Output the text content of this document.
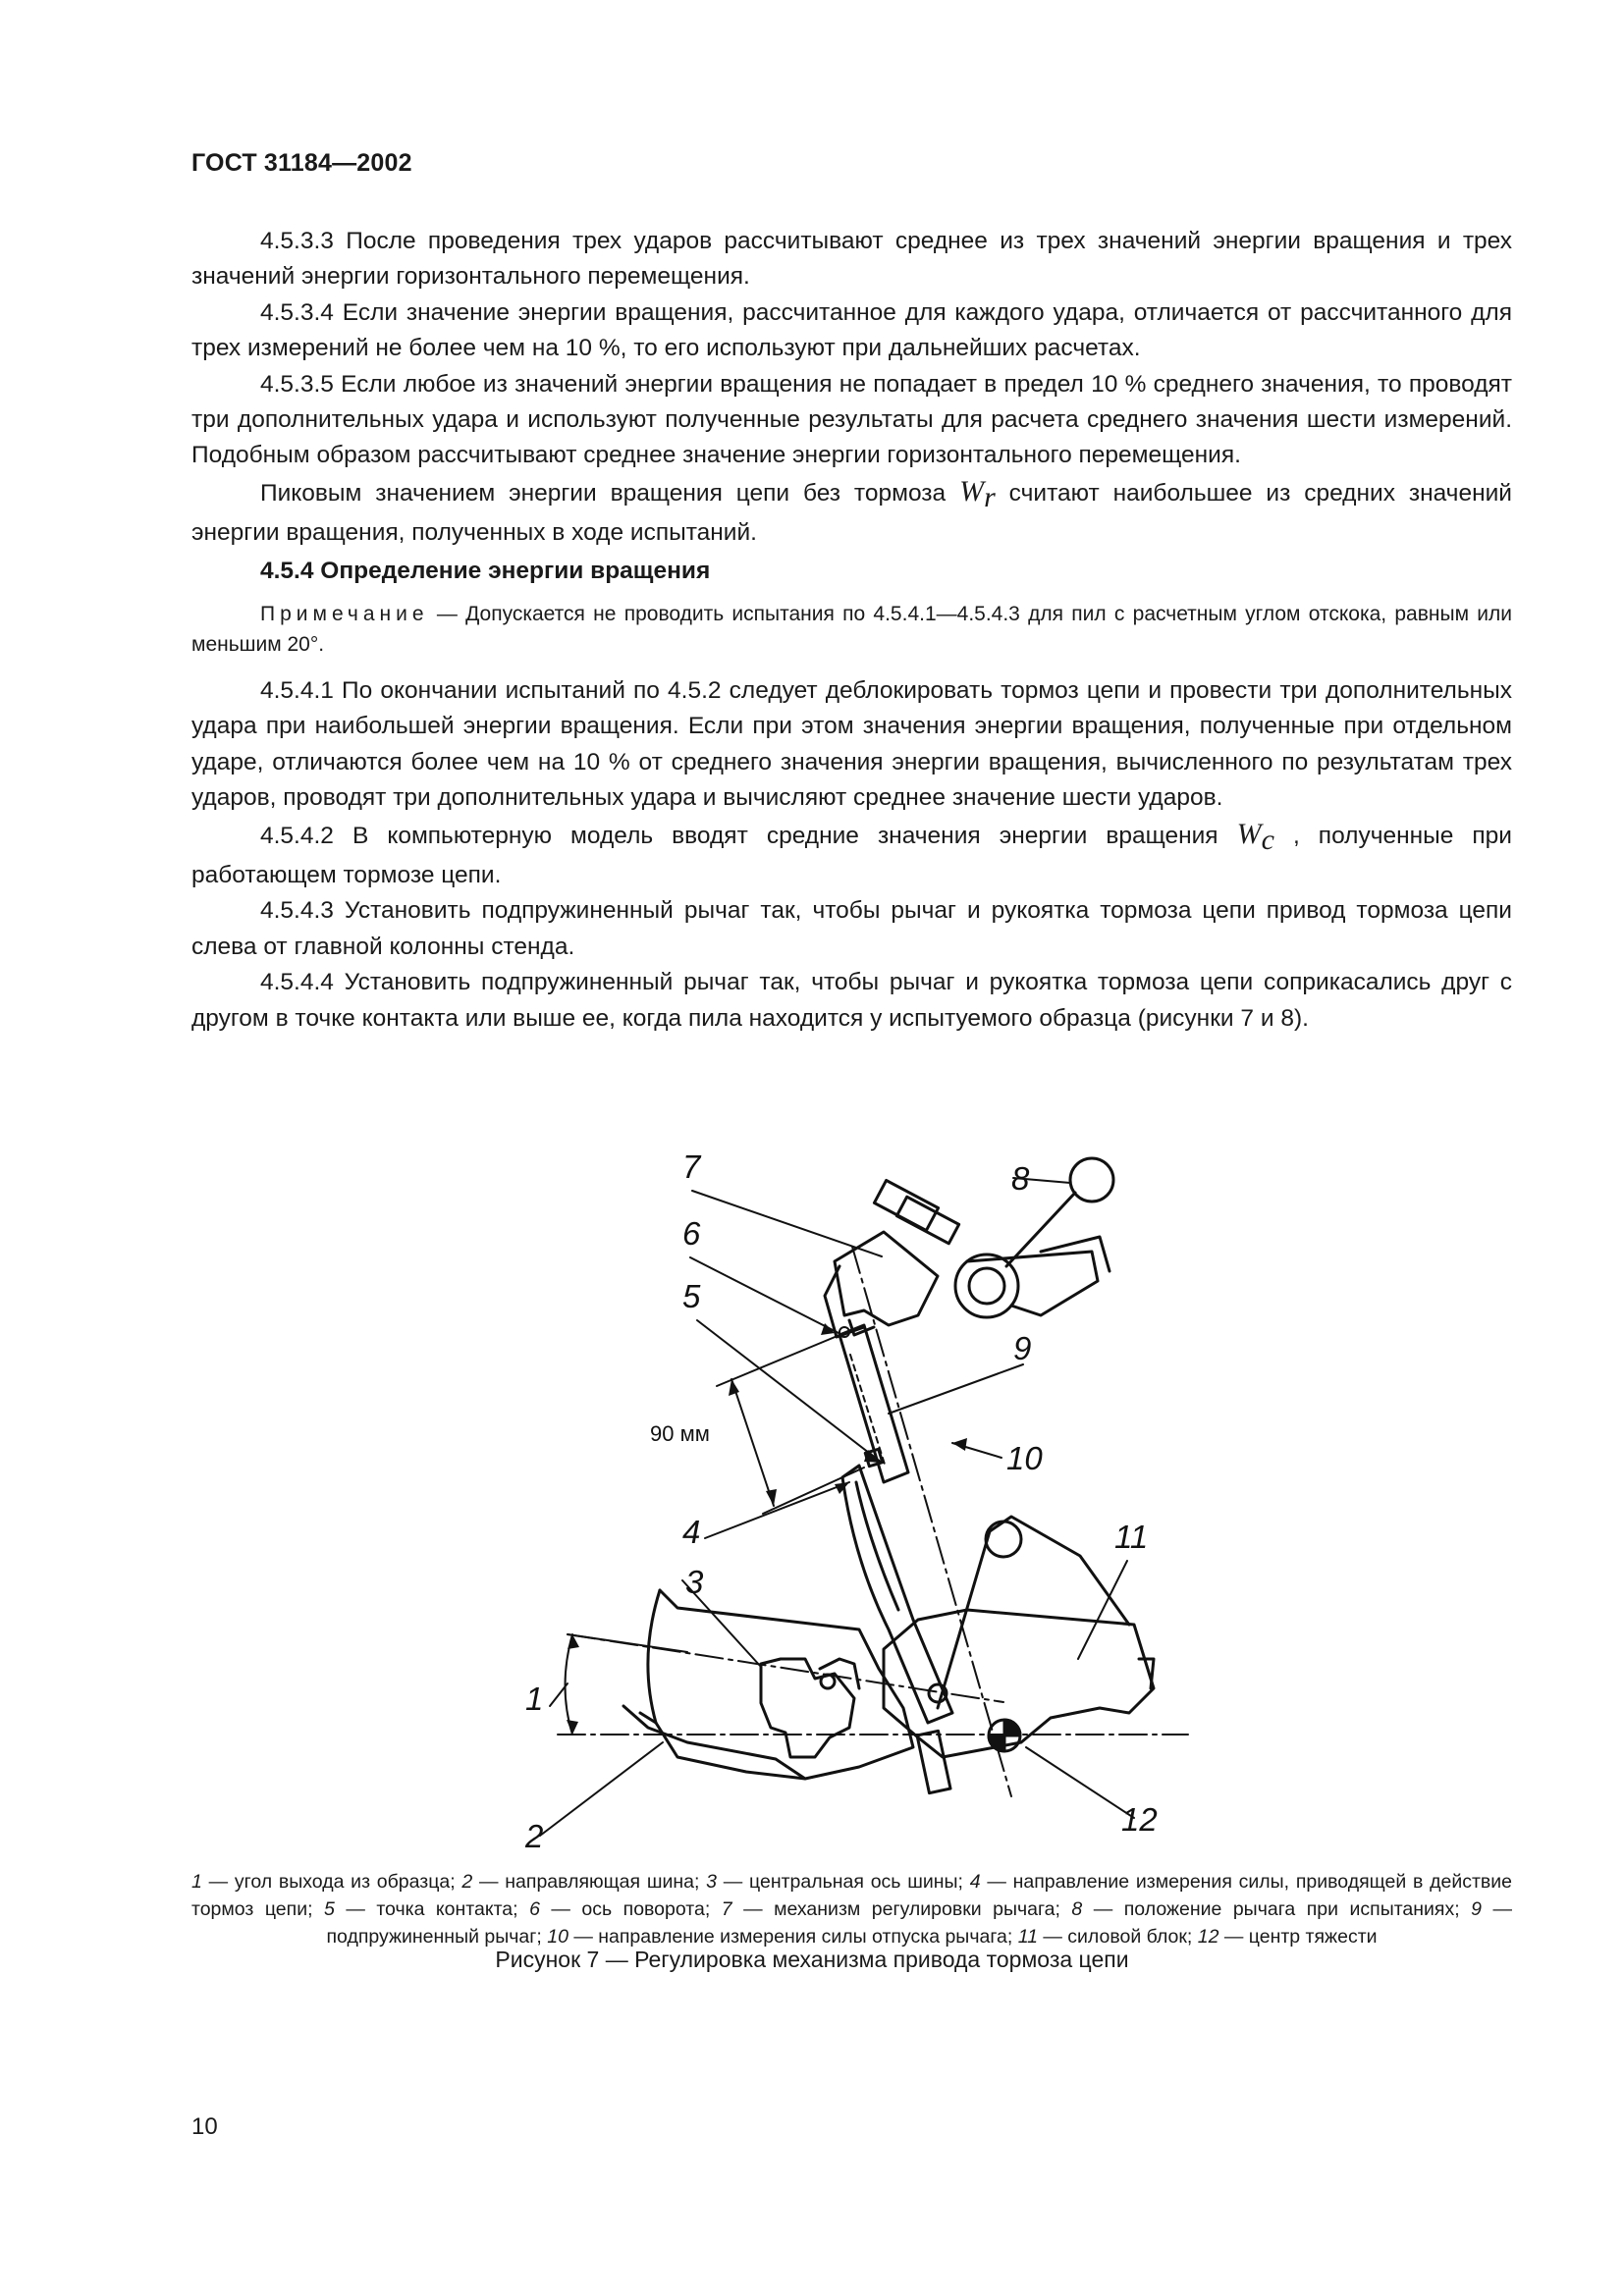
ГОСТ 31184—2002

4.5.3.3 После проведения трех ударов рассчитывают среднее из трех значений энергии вращения и трех значений энергии горизонтального перемещения.

4.5.3.4 Если значение энергии вращения, рассчитанное для каждого удара, отличается от рассчитанного для трех измерений не более чем на 10 %, то его используют при дальнейших расчетах.

4.5.3.5 Если любое из значений энергии вращения не попадает в предел 10 % среднего значения, то проводят три дополнительных удара и используют полученные результаты для расчета среднего значения шести измерений. Подобным образом рассчитывают среднее значение энергии горизонтального перемещения.

Пиковым значением энергии вращения цепи без тормоза $W_r$ считают наибольшее из средних значений энергии вращения, полученных в ходе испытаний.

4.5.4 Определение энергии вращения

Примечание — Допускается не проводить испытания по 4.5.4.1—4.5.4.3 для пил с расчетным углом отскока, равным или меньшим 20°.

4.5.4.1 По окончании испытаний по 4.5.2 следует деблокировать тормоз цепи и провести три дополнительных удара при наибольшей энергии вращения. Если при этом значения энергии вращения, полученные при отдельном ударе, отличаются более чем на 10 % от среднего значения энергии вращения, вычисленного по результатам трех ударов, проводят три дополнительных удара и вычисляют среднее значение шести ударов.

4.5.4.2 В компьютерную модель вводят средние значения энергии вращения $W_c$ , полученные при работающем тормозе цепи.

4.5.4.3 Установить подпружиненный рычаг так, чтобы рычаг и рукоятка тормоза цепи привод тормоза цепи слева от главной колонны стенда.

4.5.4.4 Установить подпружиненный рычаг так, чтобы рычаг и рукоятка тормоза цепи соприкасались друг с другом в точке контакта или выше ее, когда пила находится у испытуемого образца (рисунки 7 и 8).

7
6
5
4
3
1
2
8
9
10
11
12
90 мм
1 — угол выхода из образца; 2 — направляющая шина; 3 — центральная ось шины; 4 — направление измерения силы, приводящей в действие тормоз цепи; 5 — точка контакта; 6 — ось поворота; 7 — механизм регулировки рычага; 8 — положение рычага при испытаниях; 9 — подпружиненный рычаг; 10 — направление измерения силы отпуска рычага; 11 — силовой блок; 12 — центр тяжести
Рисунок 7 — Регулировка механизма привода тормоза цепи
10
